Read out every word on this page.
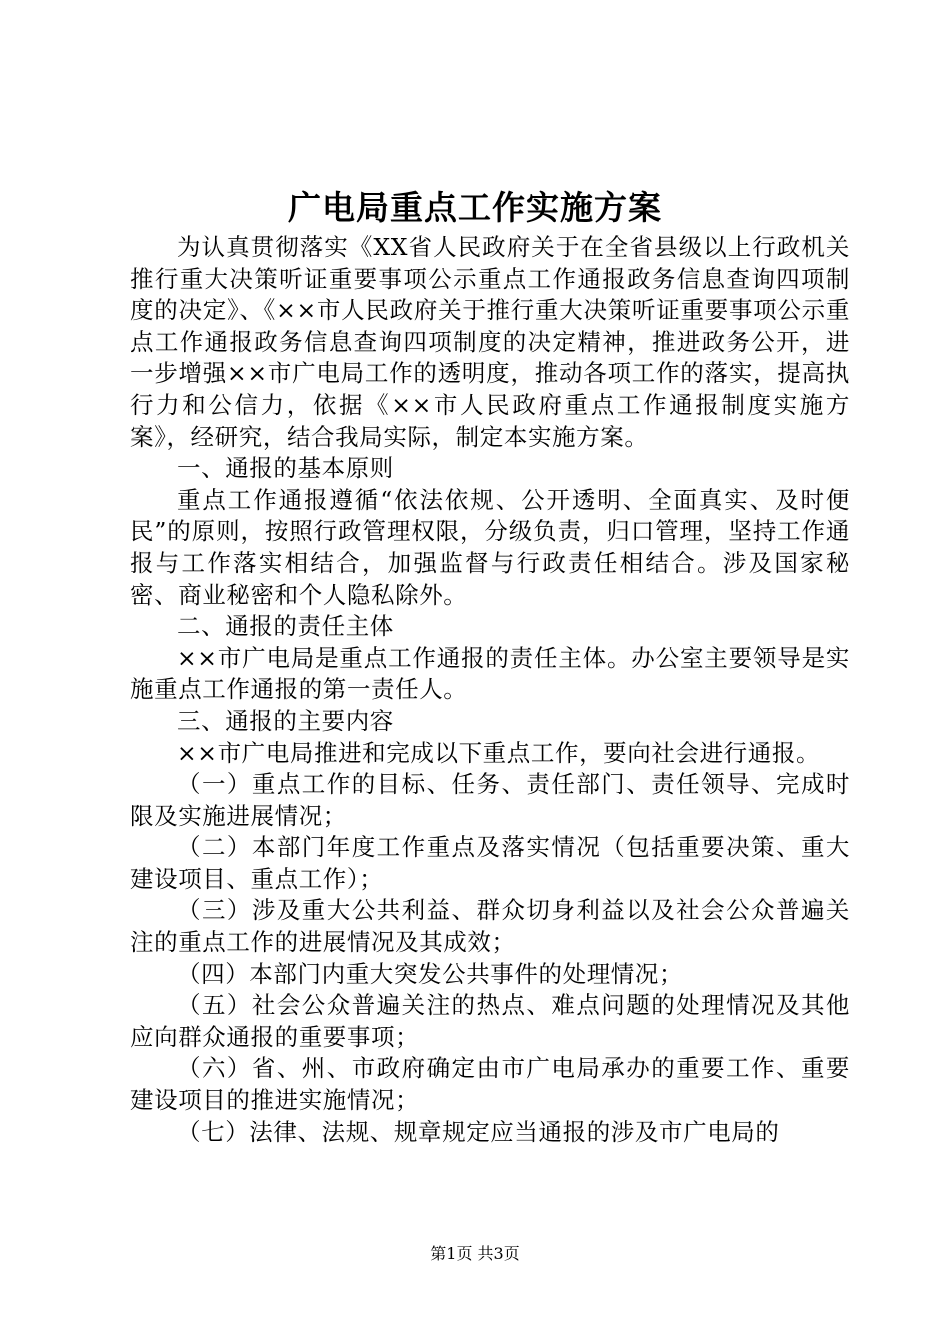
广电局重点工作实施方案

为认真贯彻落实《XX省人民政府关于在全省县级以上行政机关推行重大决策听证重要事项公示重点工作通报政务信息查询四项制度的决定》、《××市人民政府关于推行重大决策听证重要事项公示重点工作通报政务信息查询四项制度的决定精神，推进政务公开，进一步增强××市广电局工作的透明度，推动各项工作的落实，提高执行力和公信力，依据《××市人民政府重点工作通报制度实施方案》，经研究，结合我局实际，制定本实施方案。

一、通报的基本原则

重点工作通报遵循“依法依规、公开透明、全面真实、及时便民”的原则，按照行政管理权限，分级负责，归口管理，坚持工作通报与工作落实相结合，加强监督与行政责任相结合。涉及国家秘密、商业秘密和个人隐私除外。

二、通报的责任主体

××市广电局是重点工作通报的责任主体。办公室主要领导是实施重点工作通报的第一责任人。

三、通报的主要内容

××市广电局推进和完成以下重点工作，要向社会进行通报。

（一）重点工作的目标、任务、责任部门、责任领导、完成时限及实施进展情况；

（二）本部门年度工作重点及落实情况（包括重要决策、重大建设项目、重点工作）；

（三）涉及重大公共利益、群众切身利益以及社会公众普遍关注的重点工作的进展情况及其成效；

（四）本部门内重大突发公共事件的处理情况；

（五）社会公众普遍关注的热点、难点问题的处理情况及其他应向群众通报的重要事项；

（六）省、州、市政府确定由市广电局承办的重要工作、重要建设项目的推进实施情况；

（七）法律、法规、规章规定应当通报的涉及市广电局的

第1页 共3页
